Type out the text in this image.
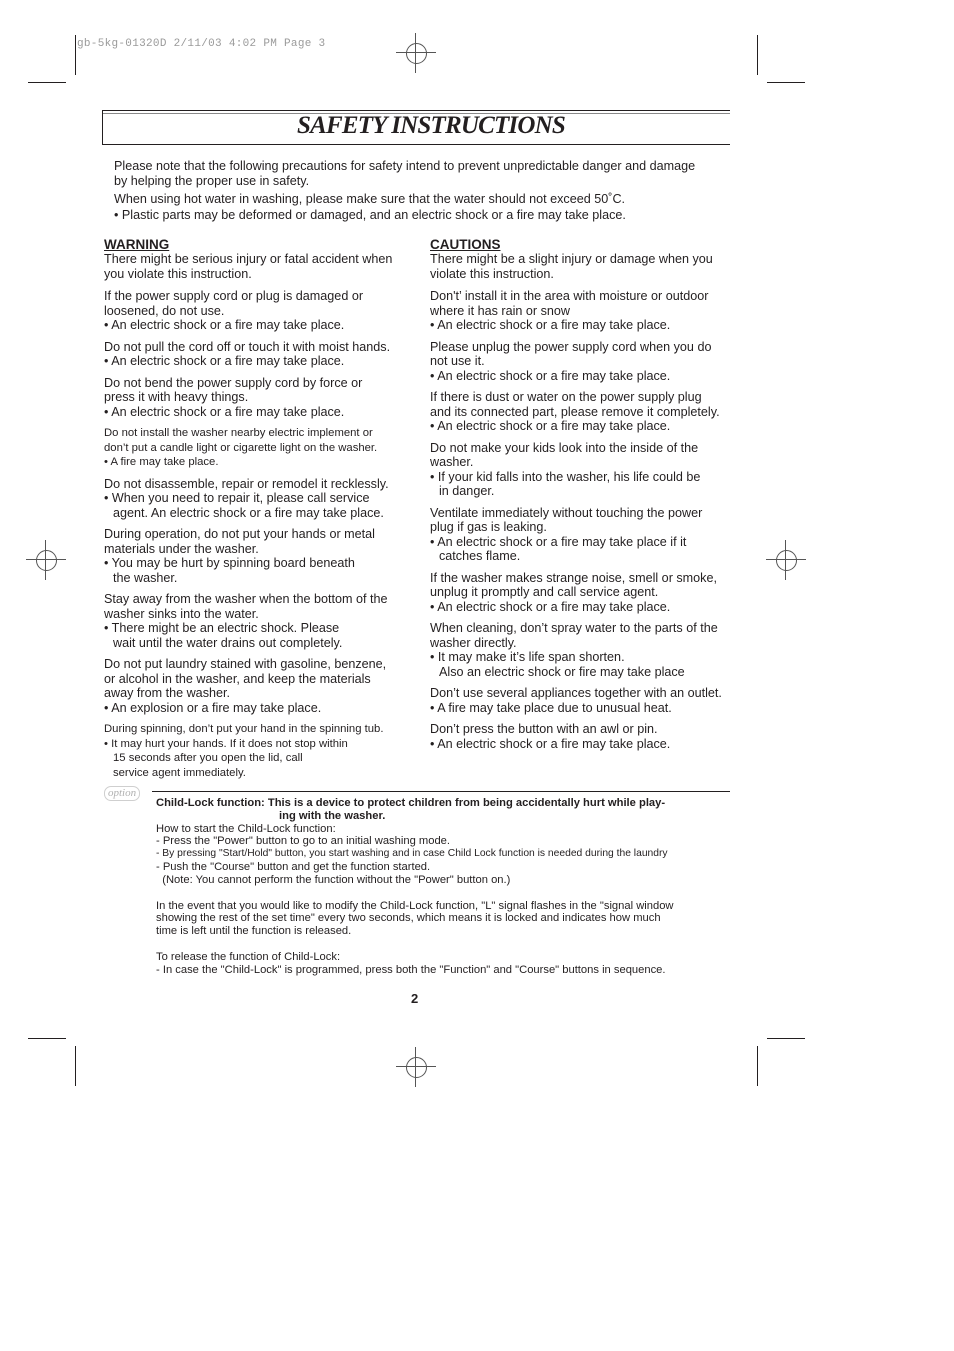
gb-5kg-01320D 2/11/03 4:02 PM Page 3
SAFETY INSTRUCTIONS

Please note that the following precautions for safety intend to prevent unpredictable danger and damage

by helping the proper use in safety.

When using hot water in washing, please make sure that the water should not exceed 50˚C.

• Plastic parts may be deformed or damaged, and an electric shock or a fire may take place.

WARNING

There might be serious injury or fatal accident when

you violate this instruction.

If the power supply cord or plug is damaged or

loosened, do not use.

• An electric shock or a fire may take place.

Do not pull the cord off or touch it with moist hands.

• An electric shock or a fire may take place.

Do not bend the power supply cord by force or

press it with heavy things.

• An electric shock or a fire may take place.

Do not install the washer nearby electric implement or

don’t put a candle light or cigarette light on the washer.

• A fire may take place.

Do not disassemble, repair or remodel it recklessly.

• When you need to repair it, please call service

agent. An electric shock or a fire may take place.

During operation, do not put your hands or metal

materials under the washer.

• You may be hurt by spinning board beneath

the washer.

Stay away from the washer when the bottom of the

washer sinks into the water.

• There might be an electric shock. Please

wait until the water drains out completely.

Do not put laundry stained with gasoline, benzene,

or alcohol in the washer, and keep the materials

away from the washer.

• An explosion or a fire may take place.

During spinning, don’t put your hand in the spinning tub.

• It may hurt your hands. If it does not stop within

15 seconds after you open the lid, call

service agent immediately.

CAUTIONS

There might be a slight injury or damage when you

violate this instruction.

Don't’ install it in the area with moisture or outdoor

where it has rain or snow

• An electric shock or a fire may take place.

Please unplug the power supply cord when you do

not use it.

• An electric shock or a fire may take place.

If there is dust or water on the power supply plug

and its connected part, please remove it completely.

• An electric shock or a fire may take place.

Do not make your kids look into the inside of the

washer.

• If your kid falls into the washer, his life could be

in danger.

Ventilate immediately without touching the power

plug if gas is leaking.

• An electric shock or a fire may take place if it

catches flame.

If the washer makes strange noise, smell or smoke,

unplug it promptly and call service agent.

• An electric shock or a fire may take place.

When cleaning, don’t spray water to the parts of the

washer directly.

• It may make it’s life span shorten.

Also an electric shock or fire may take place

Don’t use several appliances together with an outlet.

• A fire may take place due to unusual heat.

Don’t press the button with an awl or pin.

• An electric shock or a fire may take place.

option

Child-Lock function: This is a device to protect children from being accidentally hurt while play-

ing with the washer.

How to start the Child-Lock function:

- Press the "Power" button to go to an initial washing mode.

- By pressing "Start/Hold" button, you start washing and in case Child Lock function is needed during the laundry

- Push the "Course" button and get the function started.

(Note: You cannot perform the function without the "Power" button on.)

In the event that you would like to modify the Child-Lock function, "L" signal flashes in the "signal window

showing the rest of the set time" every two seconds, which means it is locked and indicates how much

time is left until the function is released.

To release the function of Child-Lock:

- In case the "Child-Lock" is programmed, press both the "Function" and "Course" buttons in sequence.

2
